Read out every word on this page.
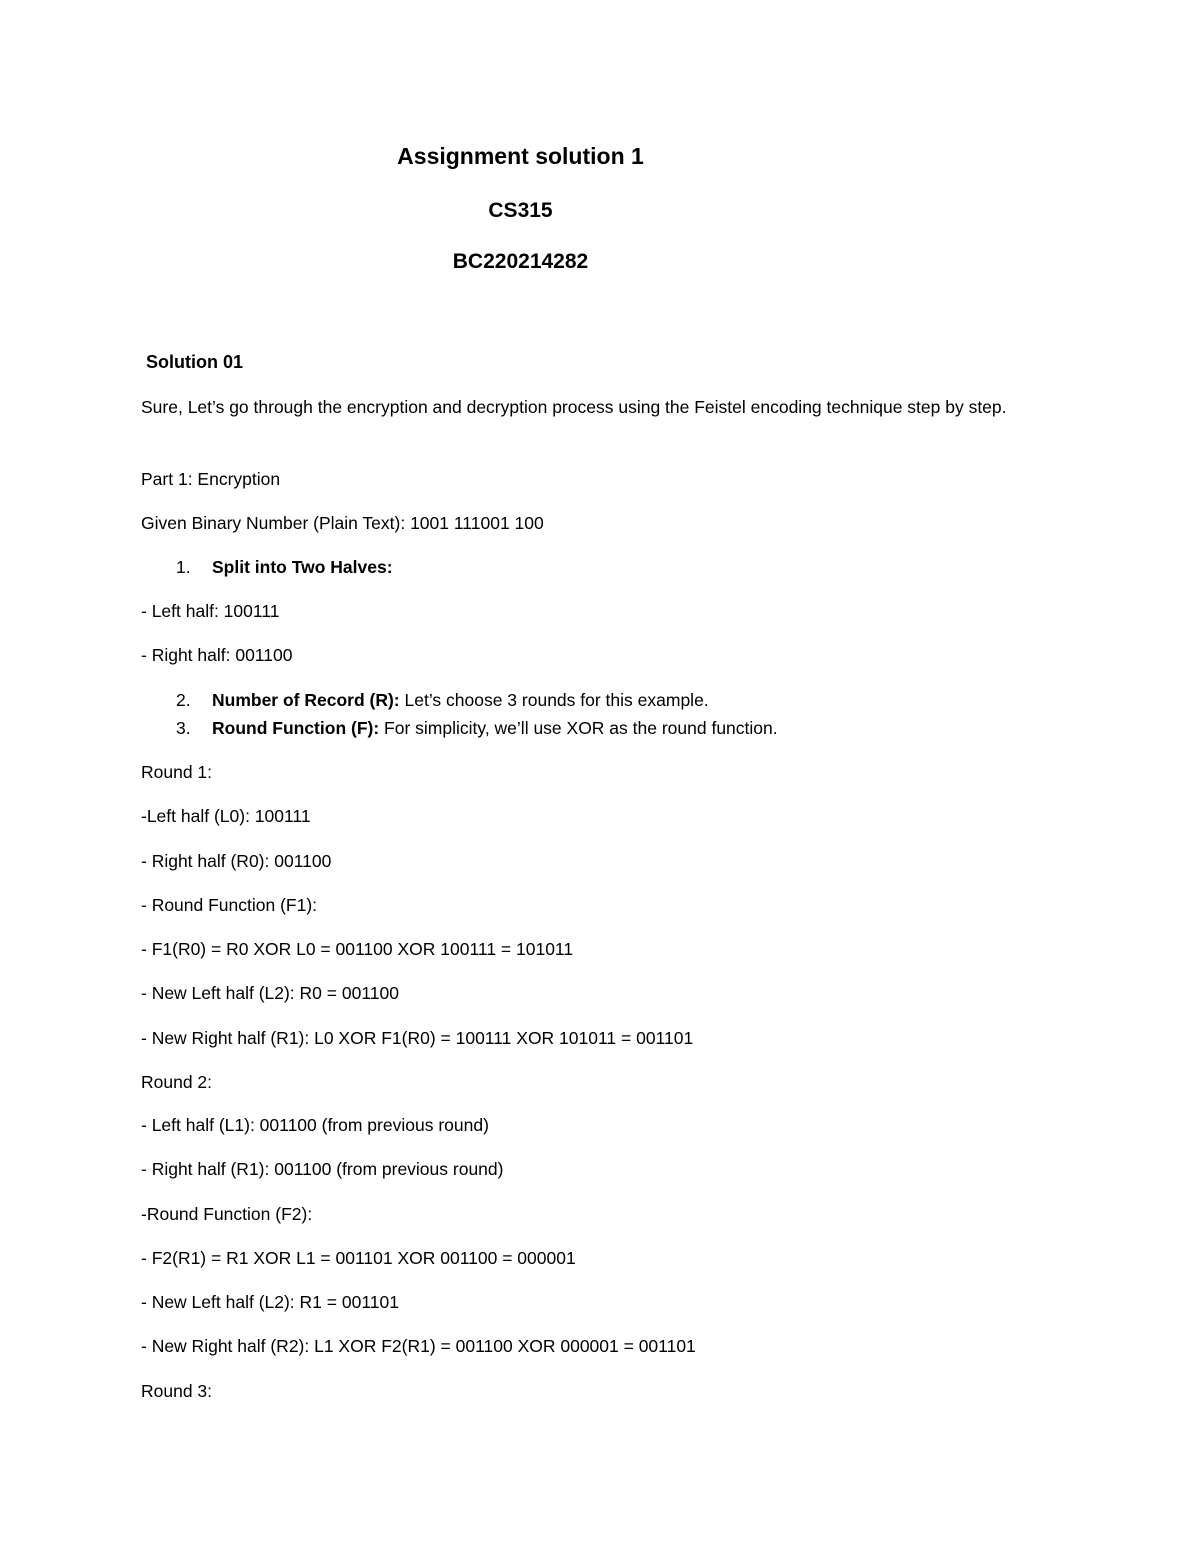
Assignment solution 1
CS315
BC220214282
Solution 01
Sure, Let’s go through the encryption and decryption process using the Feistel encoding technique step by step.
Part 1: Encryption
Given Binary Number (Plain Text): 1001 111001 100
1. Split into Two Halves:
- Left half: 100111
- Right half: 001100
2. Number of Record (R): Let’s choose 3 rounds for this example.
3. Round Function (F): For simplicity, we’ll use XOR as the round function.
Round 1:
-Left half (L0): 100111
- Right half (R0): 001100
- Round Function (F1):
- F1(R0) = R0 XOR L0 = 001100 XOR 100111 = 101011
- New Left half (L2): R0 = 001100
- New Right half (R1): L0 XOR F1(R0) = 100111 XOR 101011 = 001101
Round 2:
- Left half (L1): 001100 (from previous round)
- Right half (R1): 001100 (from previous round)
-Round Function (F2):
- F2(R1) = R1 XOR L1 = 001101 XOR 001100 = 000001
- New Left half (L2): R1 = 001101
- New Right half (R2): L1 XOR F2(R1) = 001100 XOR 000001 = 001101
Round 3:
